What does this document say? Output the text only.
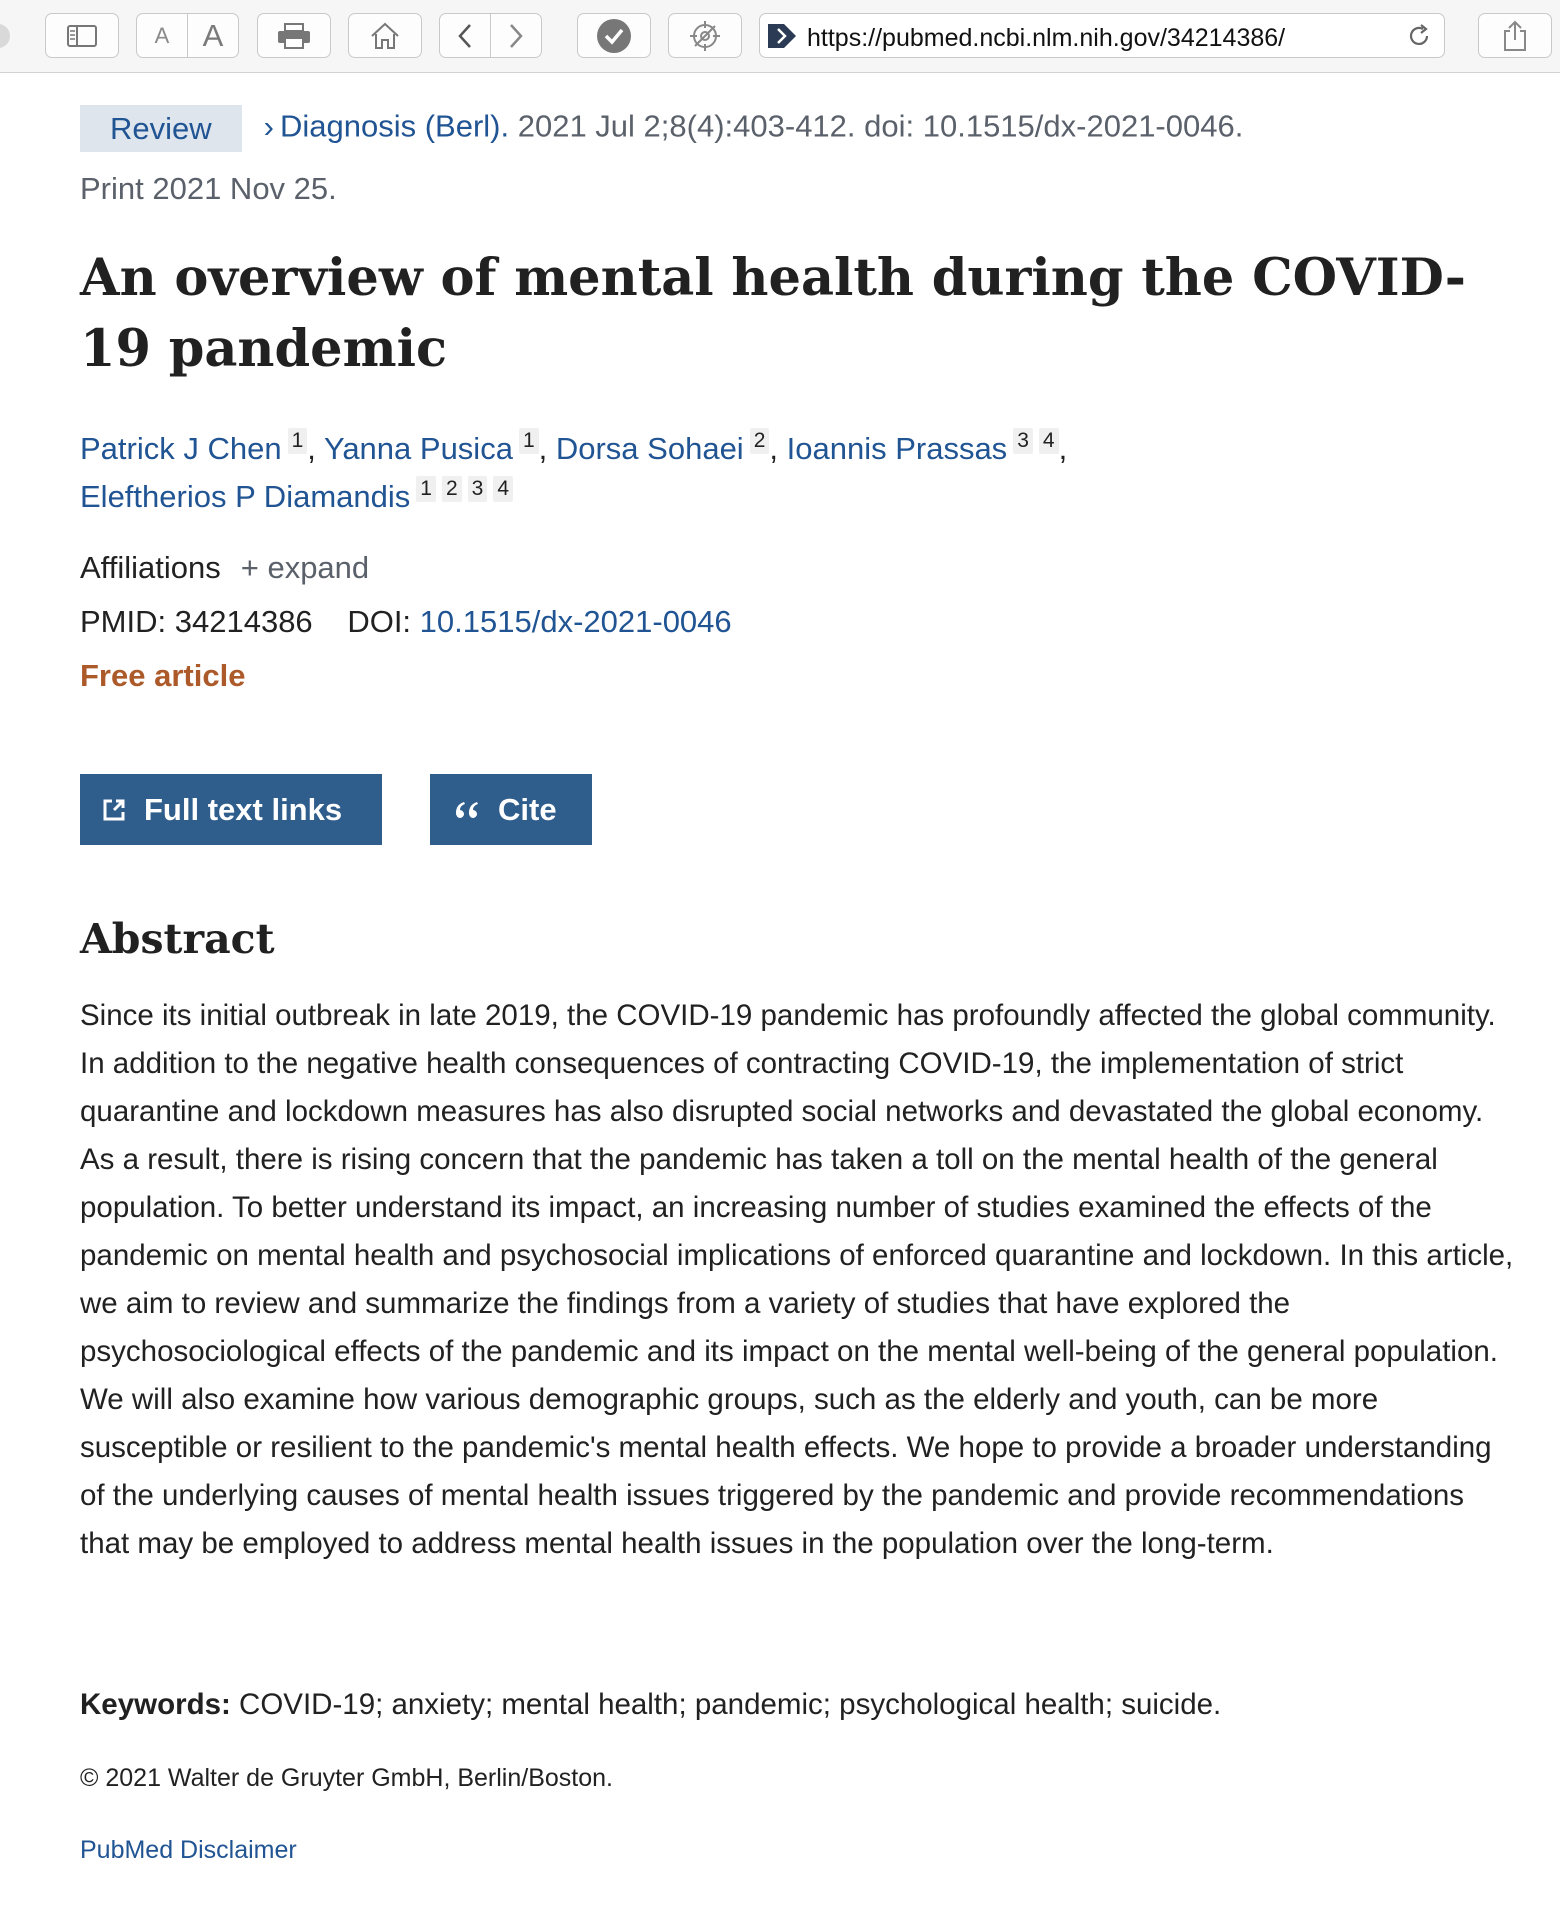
A A	https://pubmed.ncbi.nlm.nih.gov/34214386/
Review › Diagnosis (Berl). 2021 Jul 2;8(4):403-412. doi: 10.1515/dx-2021-0046.
Print 2021 Nov 25.
An overview of mental health during the COVID-19 pandemic
Patrick J Chen 1 , Yanna Pusica 1 , Dorsa Sohaei 2 , Ioannis Prassas 3 4 ,
Eleftherios P Diamandis 1 2 3 4
Affiliations + expand
PMID: 34214386 DOI: 10.1515/dx-2021-0046
Free article
Full text links	Cite
Abstract

Since its initial outbreak in late 2019, the COVID-19 pandemic has profoundly affected the global community. In addition to the negative health consequences of contracting COVID-19, the implementation of strict quarantine and lockdown measures has also disrupted social networks and devastated the global economy. As a result, there is rising concern that the pandemic has taken a toll on the mental health of the general population. To better understand its impact, an increasing number of studies examined the effects of the pandemic on mental health and psychosocial implications of enforced quarantine and lockdown. In this article, we aim to review and summarize the findings from a variety of studies that have explored the psychosociological effects of the pandemic and its impact on the mental well-being of the general population. We will also examine how various demographic groups, such as the elderly and youth, can be more susceptible or resilient to the pandemic's mental health effects. We hope to provide a broader understanding of the underlying causes of mental health issues triggered by the pandemic and provide recommendations that may be employed to address mental health issues in the population over the long-term.

Keywords: COVID-19; anxiety; mental health; pandemic; psychological health; suicide.
© 2021 Walter de Gruyter GmbH, Berlin/Boston.
PubMed Disclaimer
